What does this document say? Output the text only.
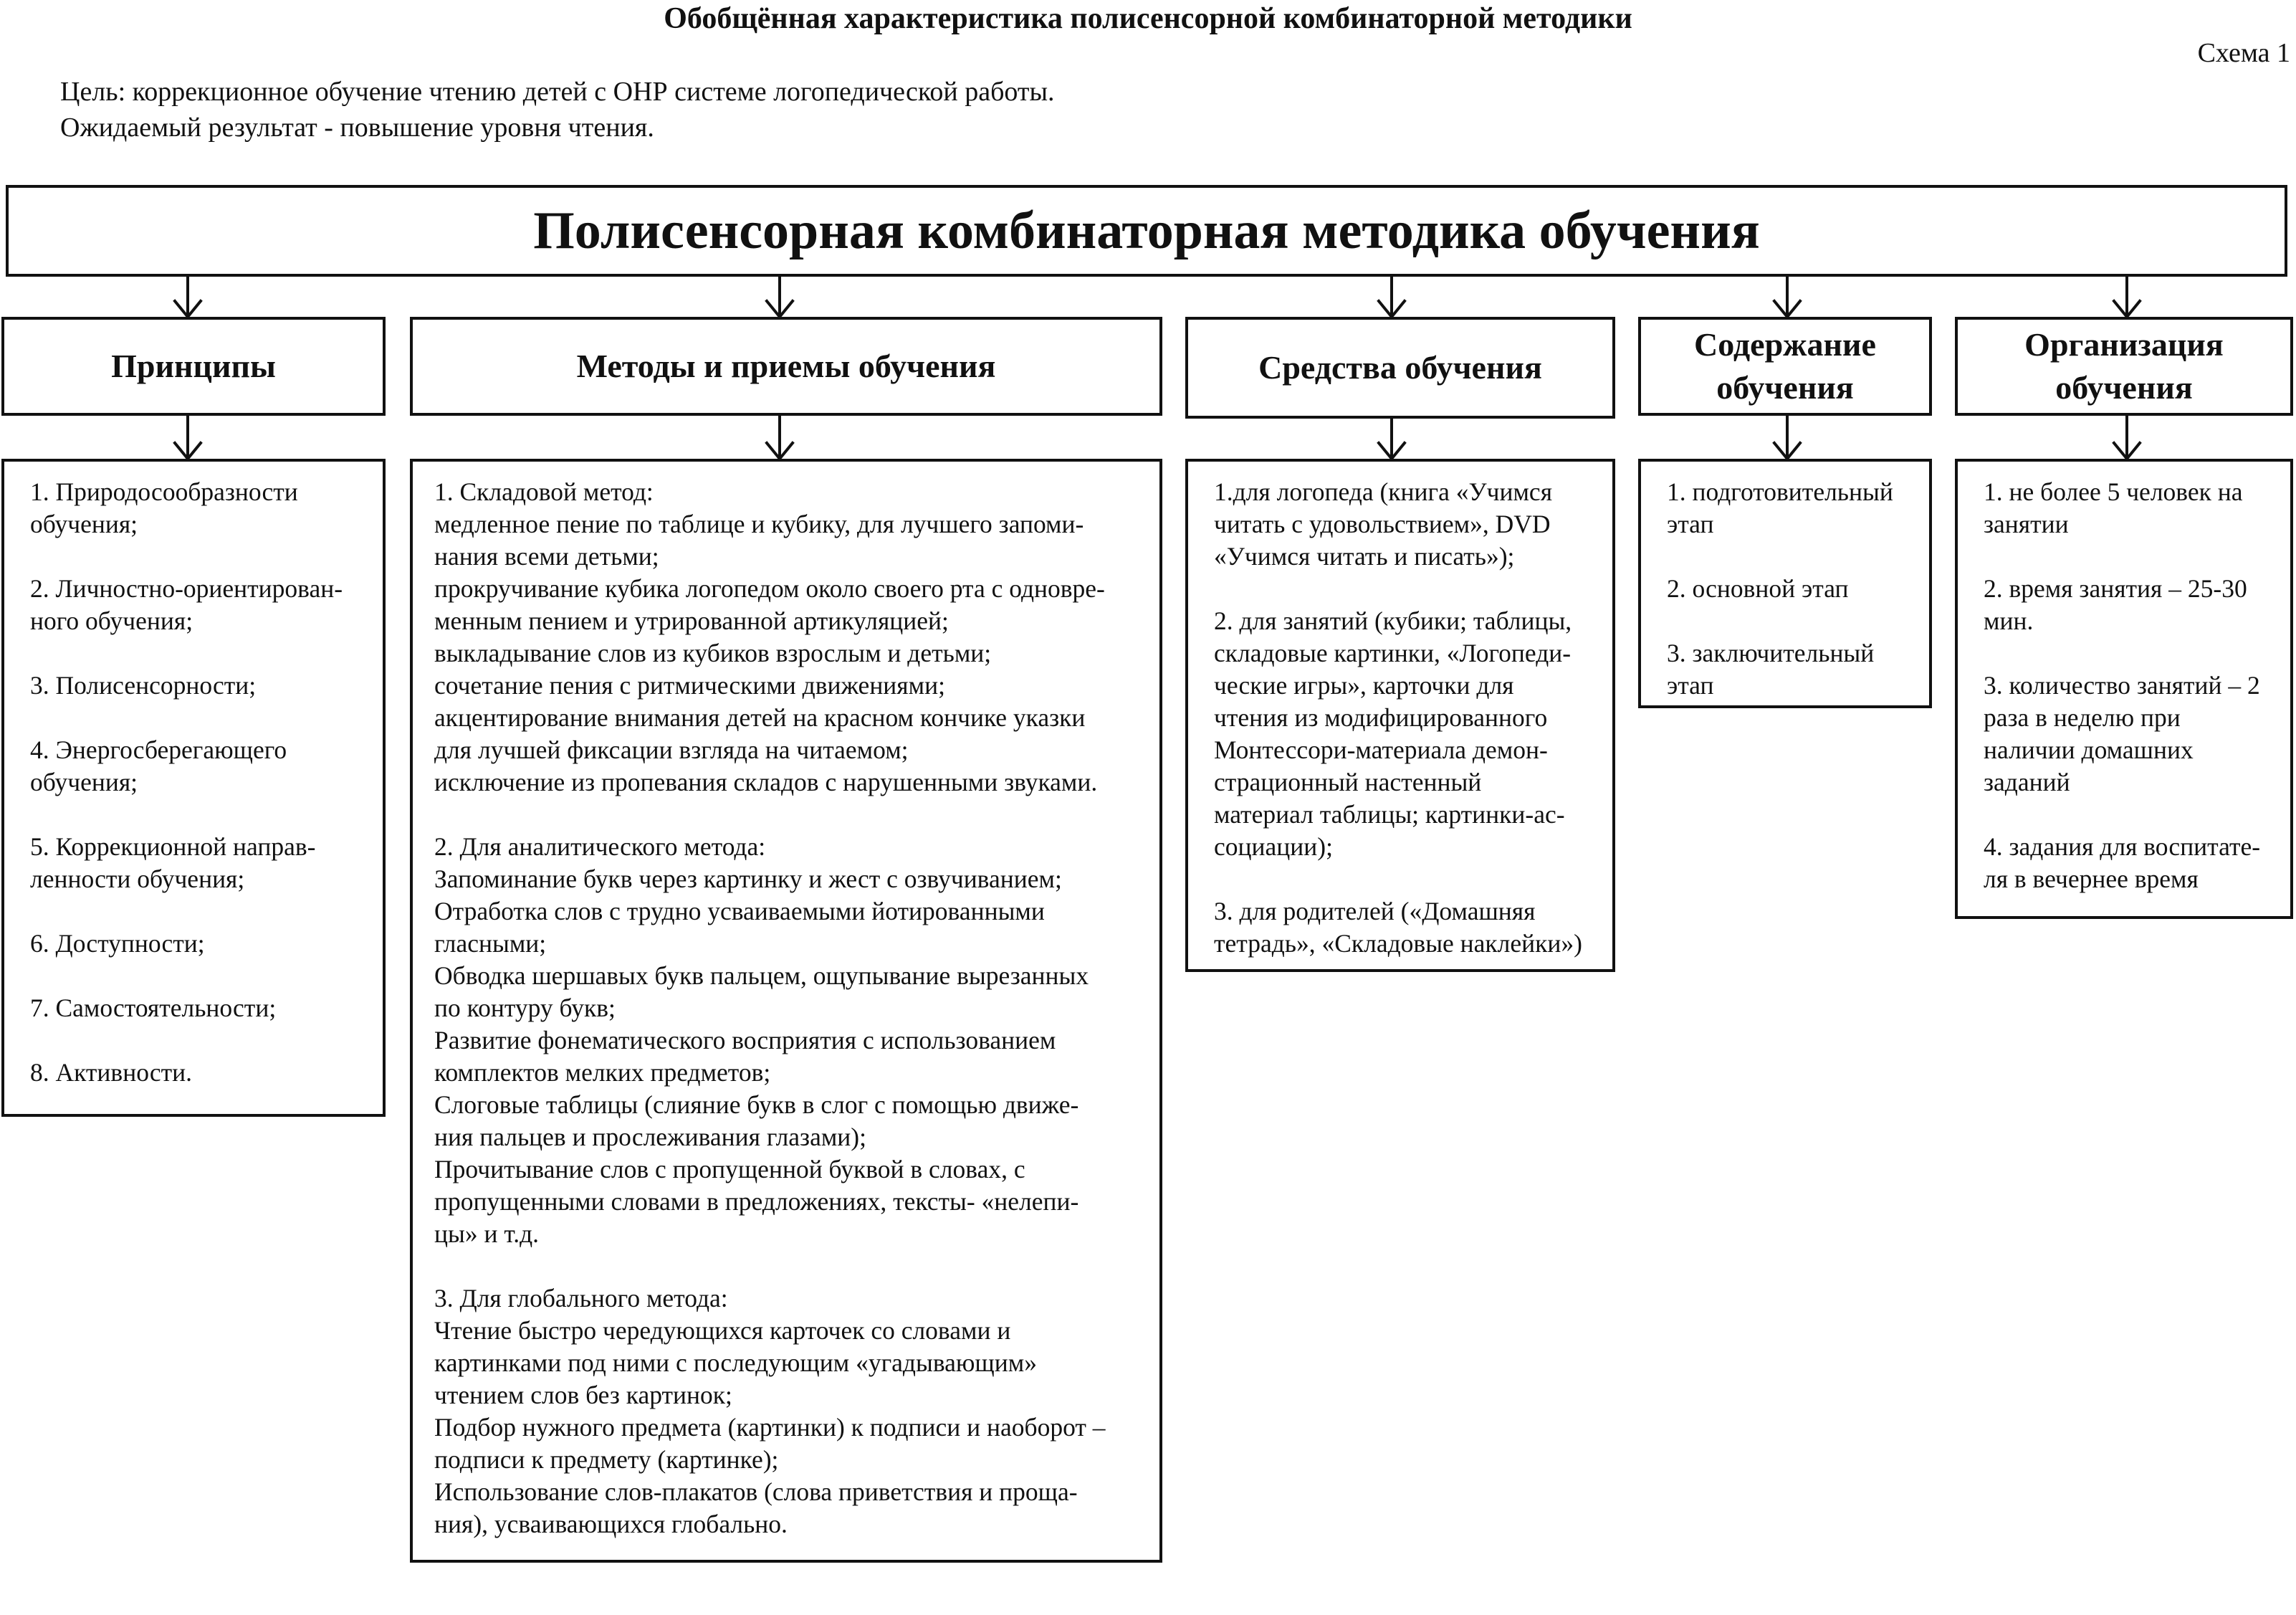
Обобщённая характеристика полисенсорной комбинаторной методики
Схема 1
Цель: коррекционное обучение чтению детей с ОНР системе логопедической работы.
Ожидаемый результат - повышение уровня чтения.
Полисенсорная комбинаторная методика обучения
Принципы	Методы и приемы обучения	Средства обучения
Содержание
обучения
Организация
обучения
1. Природосообразности
обучения;
2. Личностно-ориентирован-
ного обучения;
3. Полисенсорности;
4. Энергосберегающего
обучения;
5. Коррекционной направ-
ленности обучения;
6. Доступности;
7. Самостоятельности;
8. Активности.
1. Складовой метод:
медленное пение по таблице и кубику, для лучшего запоми-
нания всеми детьми;
прокручивание кубика логопедом около своего рта с одновре-
менным пением и утрированной артикуляцией;
выкладывание слов из кубиков взрослым и детьми;
сочетание пения с ритмическими движениями;
акцентирование внимания детей на красном кончике указки
для лучшей фиксации взгляда на читаемом;
исключение из пропевания складов с нарушенными звуками.
2. Для аналитического метода:
Запоминание букв через картинку и жест с озвучиванием;
Отработка слов с трудно усваиваемыми йотированными
гласными;
Обводка шершавых букв пальцем, ощупывание вырезанных
по контуру букв;
Развитие фонематического восприятия с использованием
комплектов мелких предметов;
Слоговые таблицы (слияние букв в слог с помощью движе-
ния пальцев и прослеживания глазами);
Прочитывание слов с пропущенной буквой в словах, с
пропущенными словами в предложениях, тексты- «нелепи-
цы» и т.д.
3. Для глобального метода:
Чтение быстро чередующихся карточек со словами и
картинками под ними с последующим «угадывающим»
чтением слов без картинок;
Подбор нужного предмета (картинки) к подписи и наоборот –
подписи к предмету (картинке);
Использование слов-плакатов (слова приветствия и проща-
ния), усваивающихся глобально.
1.для логопеда (книга «Учимся
читать с удовольствием», DVD
«Учимся читать и писать»);
2. для занятий (кубики; таблицы,
складовые картинки, «Логопеди-
ческие игры», карточки для
чтения из модифицированного
Монтессори-материала демон-
страционный настенный
материал таблицы; картинки-ас-
социации);
3. для родителей («Домашняя
тетрадь», «Складовые наклейки»)
1. подготовительный
этап
2. основной этап
3. заключительный
этап
1. не более 5 человек на
занятии
2. время занятия – 25-30
мин.
3. количество занятий – 2
раза в неделю при
наличии домашних
заданий
4. задания для воспитате-
ля в вечернее время
